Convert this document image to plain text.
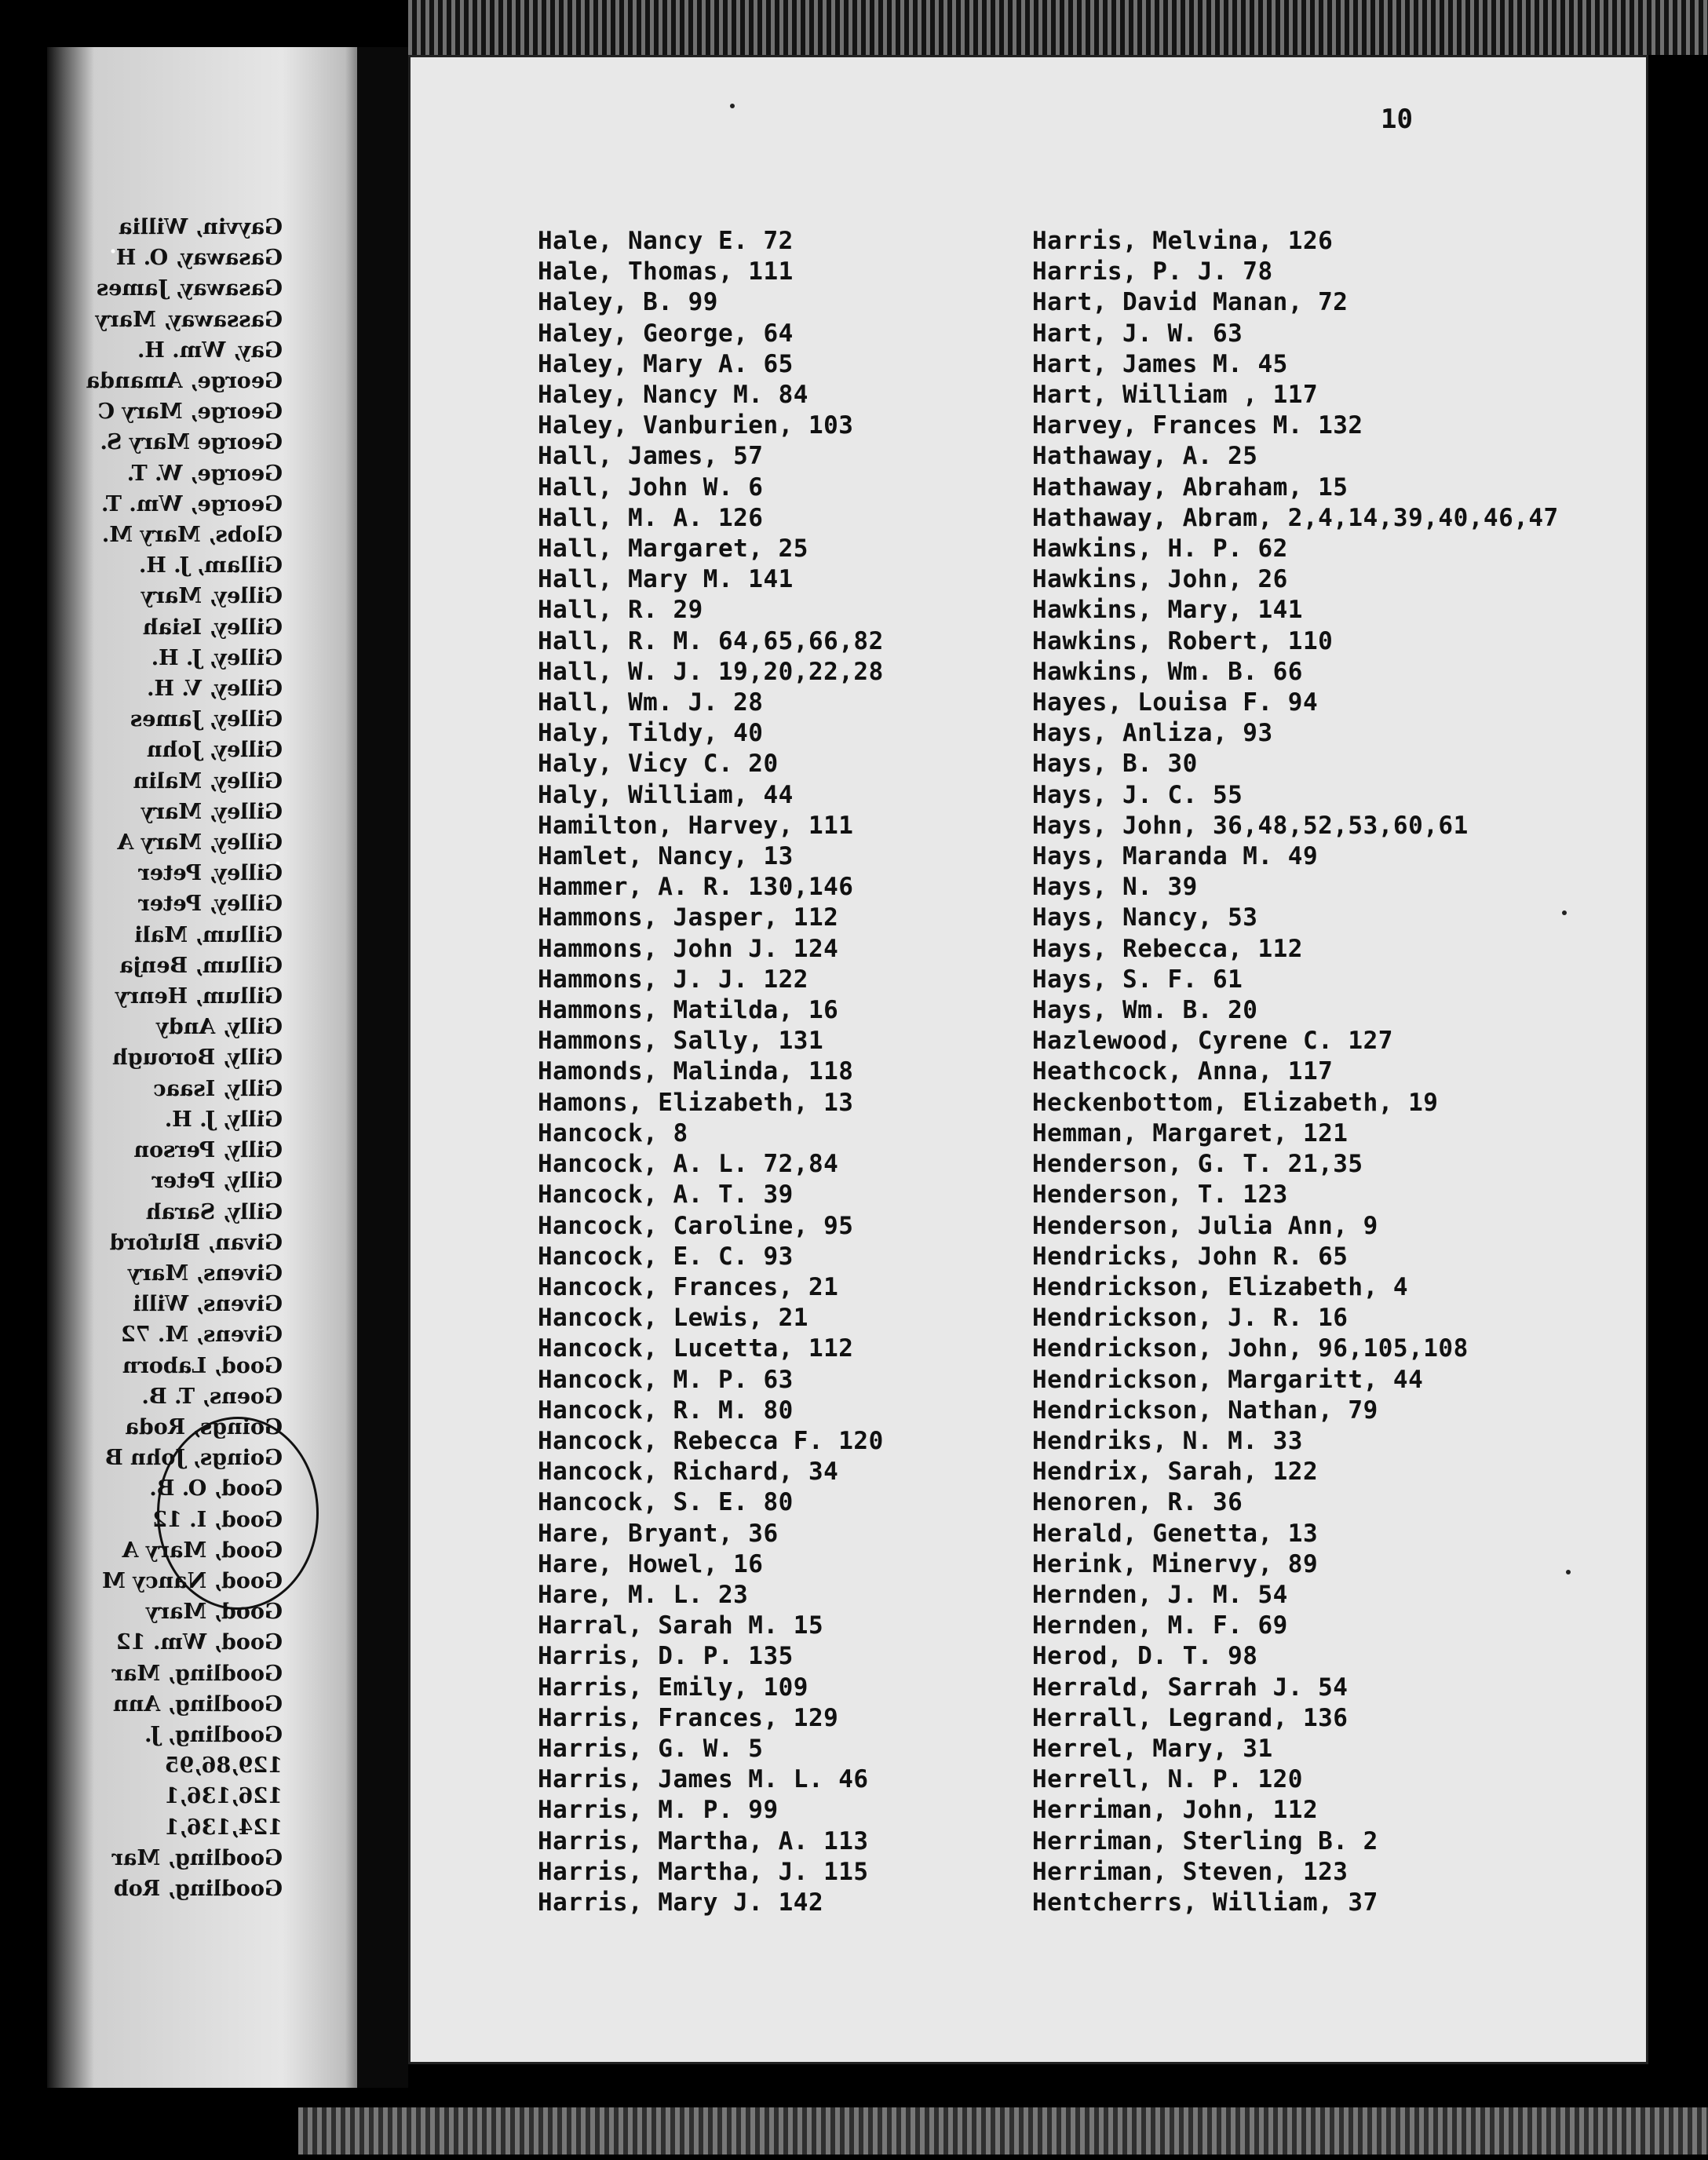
Gayvin, Willia
Gasaway, O. H
Gasaway, James
Gassaway, Mary
Gay, Wm. H.
George, Amanda
George, Mary C
George Mary S.
George, W. T.
George, Wm. T.
Globs, Mary M.
Gillam, J. H.
Gilley, Mary
Gilley, Isiah
Gilley, J. H.
Gilley, V. H.
Gilley, James
Gilley, John
Gilley, Malin
Gilley, Mary
Gilley, Mary A
Gilley, Peter
Gilley, Peter
Gillum, Mali
Gillum, Benja
Gillum, Henry
Gilly, Andy
Gilly, Borough
Gilly, Isaac
Gilly, J. H.
Gilly, Person
Gilly, Peter
Gilly, Sarah
Givan, Bluford
Givens, Mary
Givens, Willi
Givens, M. 72
Good, Laborn
Goens, T. B.
Goings, Roda
Goings, John B
Good, O. B.
Good, I. 12
Good, Mary A
Good, Nancy M
Good, Mary
Good, Wm. 12
Goodling, Mar
Goodling, Ann
Goodling, J.
129,86,95
126,136,1
124,136,1
Goodling, Mar
Goodling, Rob
10
Hale, Nancy E. 72
Hale, Thomas, 111
Haley, B. 99
Haley, George, 64
Haley, Mary A. 65
Haley, Nancy M. 84
Haley, Vanburien, 103
Hall, James, 57
Hall, John W. 6
Hall, M. A. 126
Hall, Margaret, 25
Hall, Mary M. 141
Hall, R. 29
Hall, R. M. 64,65,66,82
Hall, W. J. 19,20,22,28
Hall, Wm. J. 28
Haly, Tildy, 40
Haly, Vicy C. 20
Haly, William, 44
Hamilton, Harvey, 111
Hamlet, Nancy, 13
Hammer, A. R. 130,146
Hammons, Jasper, 112
Hammons, John J. 124
Hammons, J. J. 122
Hammons, Matilda, 16
Hammons, Sally, 131
Hamonds, Malinda, 118
Hamons, Elizabeth, 13
Hancock, 8
Hancock, A. L. 72,84
Hancock, A. T. 39
Hancock, Caroline, 95
Hancock, E. C. 93
Hancock, Frances, 21
Hancock, Lewis, 21
Hancock, Lucetta, 112
Hancock, M. P. 63
Hancock, R. M. 80
Hancock, Rebecca F. 120
Hancock, Richard, 34
Hancock, S. E. 80
Hare, Bryant, 36
Hare, Howel, 16
Hare, M. L. 23
Harral, Sarah M. 15
Harris, D. P. 135
Harris, Emily, 109
Harris, Frances, 129
Harris, G. W. 5
Harris, James M. L. 46
Harris, M. P. 99
Harris, Martha, A. 113
Harris, Martha, J. 115
Harris, Mary J. 142
Harris, Melvina, 126
Harris, P. J. 78
Hart, David Manan, 72
Hart, J. W. 63
Hart, James M. 45
Hart, William , 117
Harvey, Frances M. 132
Hathaway, A. 25
Hathaway, Abraham, 15
Hathaway, Abram, 2,4,14,39,40,46,47
Hawkins, H. P. 62
Hawkins, John, 26
Hawkins, Mary, 141
Hawkins, Robert, 110
Hawkins, Wm. B. 66
Hayes, Louisa F. 94
Hays, Anliza, 93
Hays, B. 30
Hays, J. C. 55
Hays, John, 36,48,52,53,60,61
Hays, Maranda M. 49
Hays, N. 39
Hays, Nancy, 53
Hays, Rebecca, 112
Hays, S. F. 61
Hays, Wm. B. 20
Hazlewood, Cyrene C. 127
Heathcock, Anna, 117
Heckenbottom, Elizabeth, 19
Hemman, Margaret, 121
Henderson, G. T. 21,35
Henderson, T. 123
Henderson, Julia Ann, 9
Hendricks, John R. 65
Hendrickson, Elizabeth, 4
Hendrickson, J. R. 16
Hendrickson, John, 96,105,108
Hendrickson, Margaritt, 44
Hendrickson, Nathan, 79
Hendriks, N. M. 33
Hendrix, Sarah, 122
Henoren, R. 36
Herald, Genetta, 13
Herink, Minervy, 89
Hernden, J. M. 54
Hernden, M. F. 69
Herod, D. T. 98
Herrald, Sarrah J. 54
Herrall, Legrand, 136
Herrel, Mary, 31
Herrell, N. P. 120
Herriman, John, 112
Herriman, Sterling B. 2
Herriman, Steven, 123
Hentcherrs, William, 37
